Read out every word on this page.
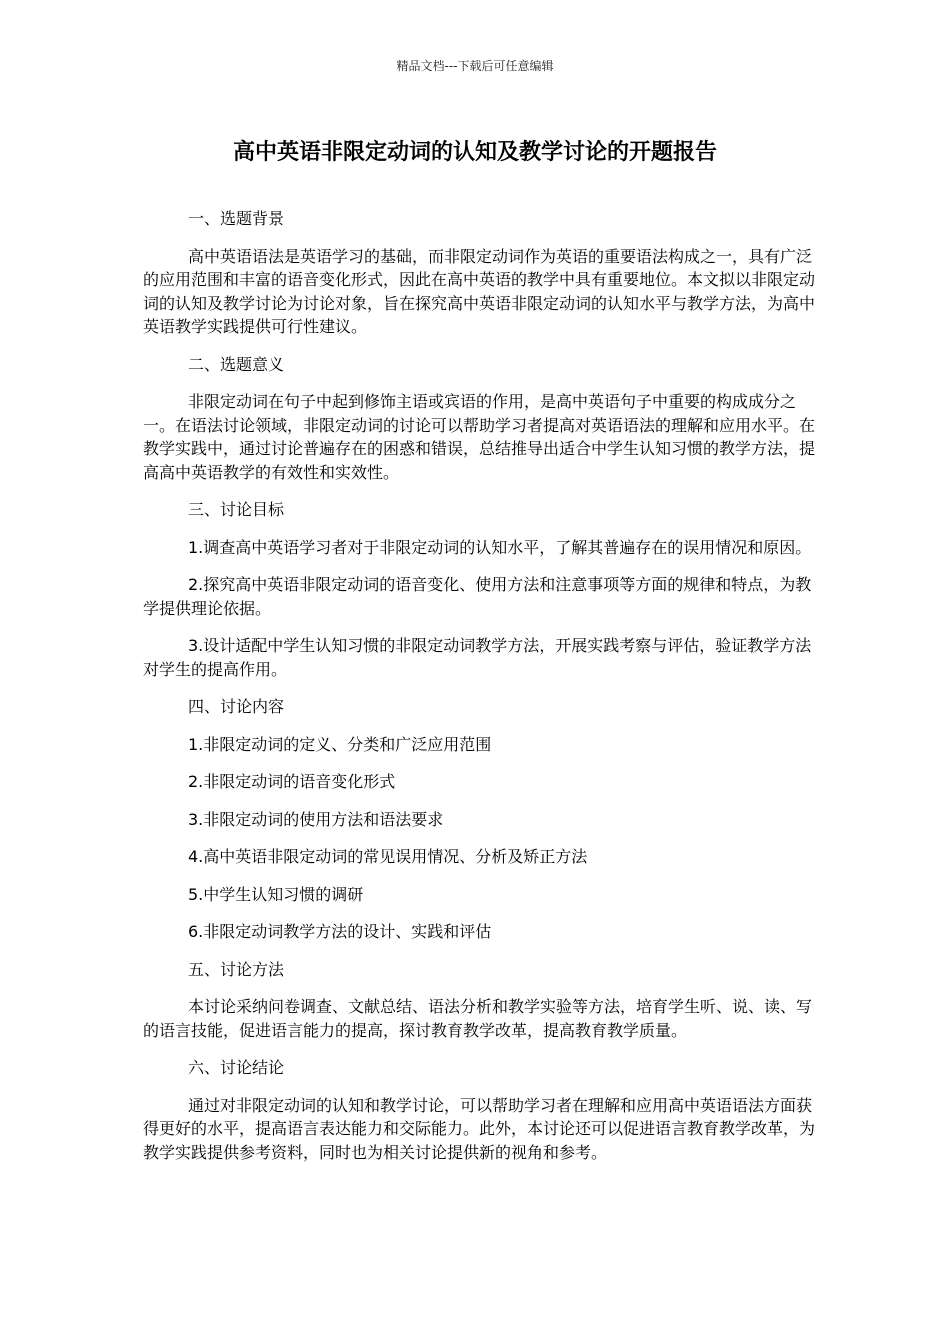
精品文档---下载后可任意编辑
高中英语非限定动词的认知及教学讨论的开题报告

一、选题背景

高中英语语法是英语学习的基础，而非限定动词作为英语的重要语法构成之一，具有广泛的应用范围和丰富的语音变化形式，因此在高中英语的教学中具有重要地位。本文拟以非限定动词的认知及教学讨论为讨论对象，旨在探究高中英语非限定动词的认知水平与教学方法，为高中英语教学实践提供可行性建议。

二、选题意义

非限定动词在句子中起到修饰主语或宾语的作用，是高中英语句子中重要的构成成分之一。在语法讨论领域，非限定动词的讨论可以帮助学习者提高对英语语法的理解和应用水平。在教学实践中，通过讨论普遍存在的困惑和错误，总结推导出适合中学生认知习惯的教学方法，提高高中英语教学的有效性和实效性。

三、讨论目标

1.调查高中英语学习者对于非限定动词的认知水平，了解其普遍存在的误用情况和原因。

2.探究高中英语非限定动词的语音变化、使用方法和注意事项等方面的规律和特点，为教学提供理论依据。

3.设计适配中学生认知习惯的非限定动词教学方法，开展实践考察与评估，验证教学方法对学生的提高作用。

四、讨论内容

1.非限定动词的定义、分类和广泛应用范围

2.非限定动词的语音变化形式

3.非限定动词的使用方法和语法要求

4.高中英语非限定动词的常见误用情况、分析及矫正方法

5.中学生认知习惯的调研

6.非限定动词教学方法的设计、实践和评估

五、讨论方法

本讨论采纳问卷调查、文献总结、语法分析和教学实验等方法，培育学生听、说、读、写的语言技能，促进语言能力的提高，探讨教育教学改革，提高教育教学质量。

六、讨论结论

通过对非限定动词的认知和教学讨论，可以帮助学习者在理解和应用高中英语语法方面获得更好的水平，提高语言表达能力和交际能力。此外，本讨论还可以促进语言教育教学改革，为教学实践提供参考资料，同时也为相关讨论提供新的视角和参考。
